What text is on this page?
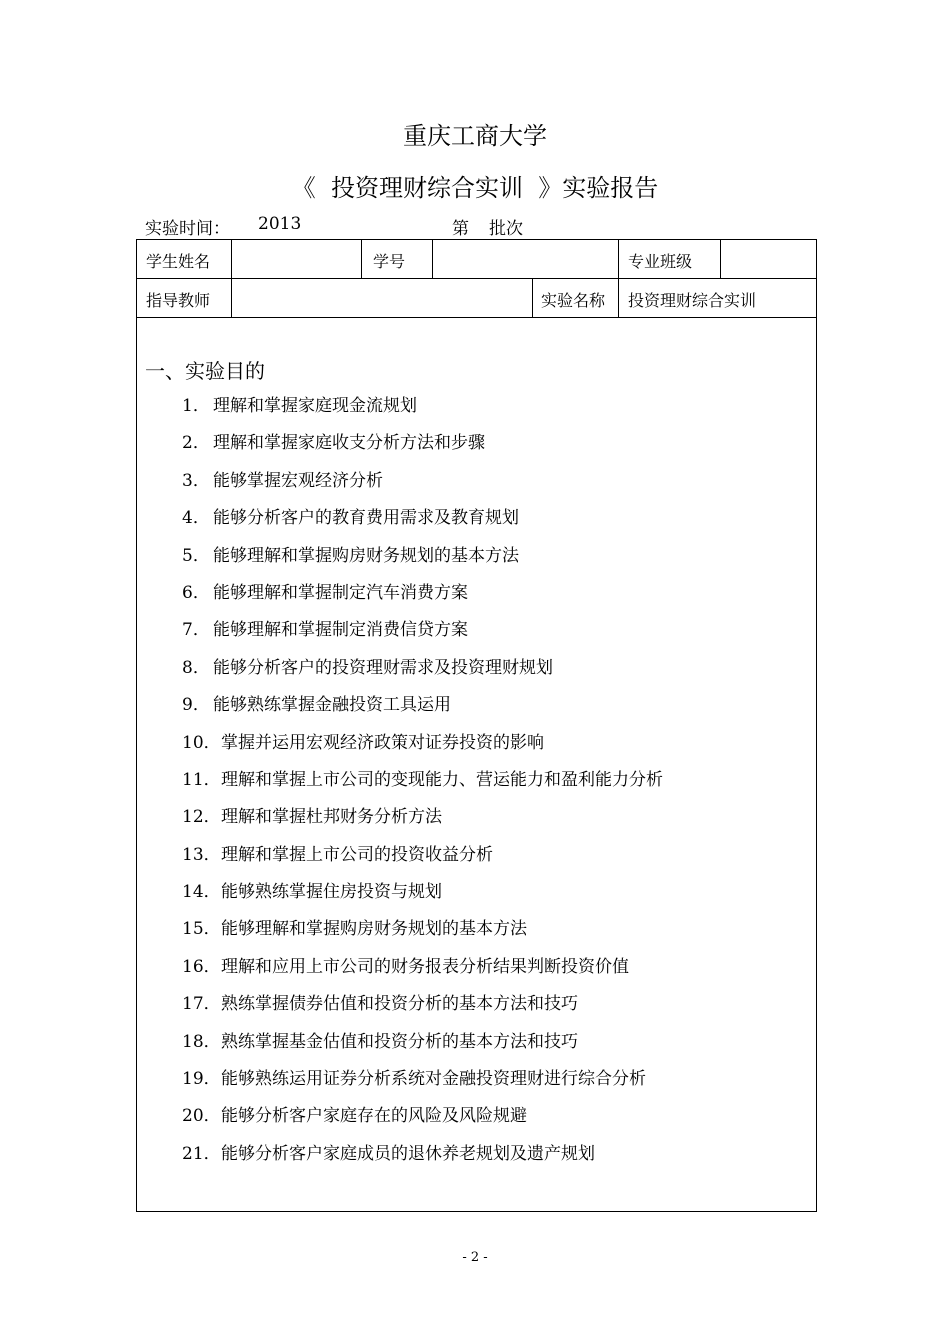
重庆工商大学
《  投资理财综合实训  》实验报告

实验时间：

2013

	第

批次

学生姓名	学号	专业班级
指导教师	实验名称 投资理财综合实训
一、实验目的
1． 理解和掌握家庭现金流规划
2． 理解和掌握家庭收支分析方法和步骤
3． 能够掌握宏观经济分析
4． 能够分析客户的教育费用需求及教育规划
5． 能够理解和掌握购房财务规划的基本方法
6． 能够理解和掌握制定汽车消费方案
7． 能够理解和掌握制定消费信贷方案
8． 能够分析客户的投资理财需求及投资理财规划
9． 能够熟练掌握金融投资工具运用
10． 掌握并运用宏观经济政策对证券投资的影响
11． 理解和掌握上市公司的变现能力、营运能力和盈利能力分析
12． 理解和掌握杜邦财务分析方法
13． 理解和掌握上市公司的投资收益分析
14． 能够熟练掌握住房投资与规划
15． 能够理解和掌握购房财务规划的基本方法
16． 理解和应用上市公司的财务报表分析结果判断投资价值
17． 熟练掌握债券估值和投资分析的基本方法和技巧
18． 熟练掌握基金估值和投资分析的基本方法和技巧
19． 能够熟练运用证券分析系统对金融投资理财进行综合分析
20． 能够分析客户家庭存在的风险及风险规避
21． 能够分析客户家庭成员的退休养老规划及遗产规划
- 2 -
